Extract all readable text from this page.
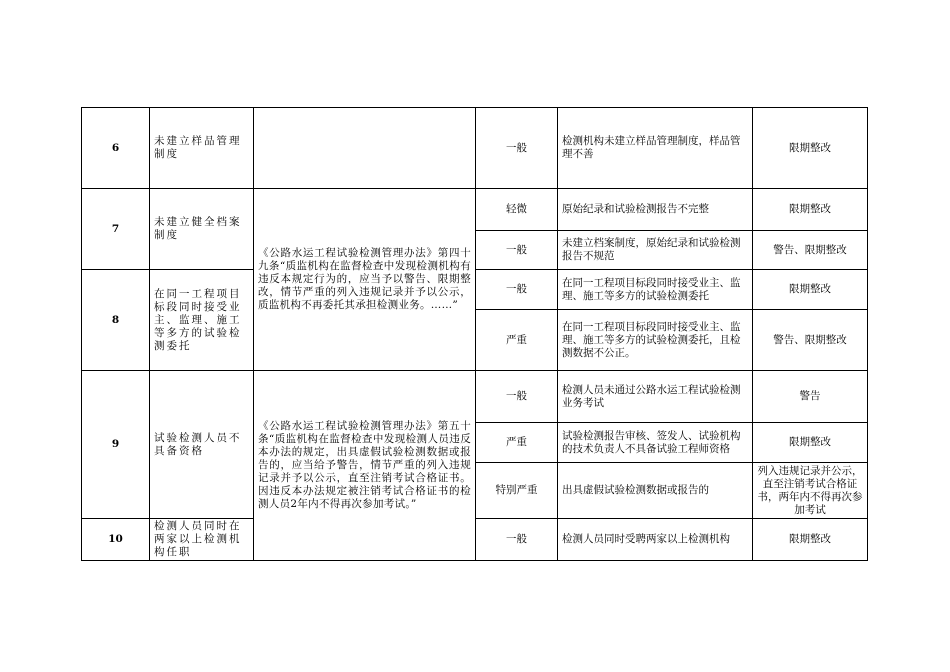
6	未建立样品管理制度		一般	检测机构未建立样品管理制度，样品管理不善	限期整改
7	未建立健全档案制度	《公路水运工程试验检测管理办法》第四十九条“质监机构在监督检查中发现检测机构有违反本规定行为的，应当予以警告、限期整改，情节严重的列入违规记录并予以公示，质监机构不再委托其承担检测业务。……”	轻微	原始纪录和试验检测报告不完整	限期整改
			一般	未建立档案制度，原始纪录和试验检测报告不规范	警告、限期整改
8	在同一工程项目标段同时接受业主、监理、施工等多方的试验检测委托		一般	在同一工程项目标段同时接受业主、监理、施工等多方的试验检测委托	限期整改
			严重	在同一工程项目标段同时接受业主、监理、施工等多方的试验检测委托，且检测数据不公正。	警告、限期整改
9	试验检测人员不具备资格	《公路水运工程试验检测管理办法》第五十条“质监机构在监督检查中发现检测人员违反本办法的规定，出具虚假试验检测数据或报告的，应当给予警告，情节严重的列入违规记录并予以公示，直至注销考试合格证书。因违反本办法规定被注销考试合格证书的检测人员2年内不得再次参加考试。”	一般	检测人员未通过公路水运工程试验检测业务考试	警告
			严重	试验检测报告审核、签发人、试验机构的技术负责人不具备试验工程师资格	限期整改
			特别严重	出具虚假试验检测数据或报告的	列入违规记录并公示，直至注销考试合格证书，两年内不得再次参加考试
10	检测人员同时在两家以上检测机构任职		一般	检测人员同时受聘两家以上检测机构	限期整改
